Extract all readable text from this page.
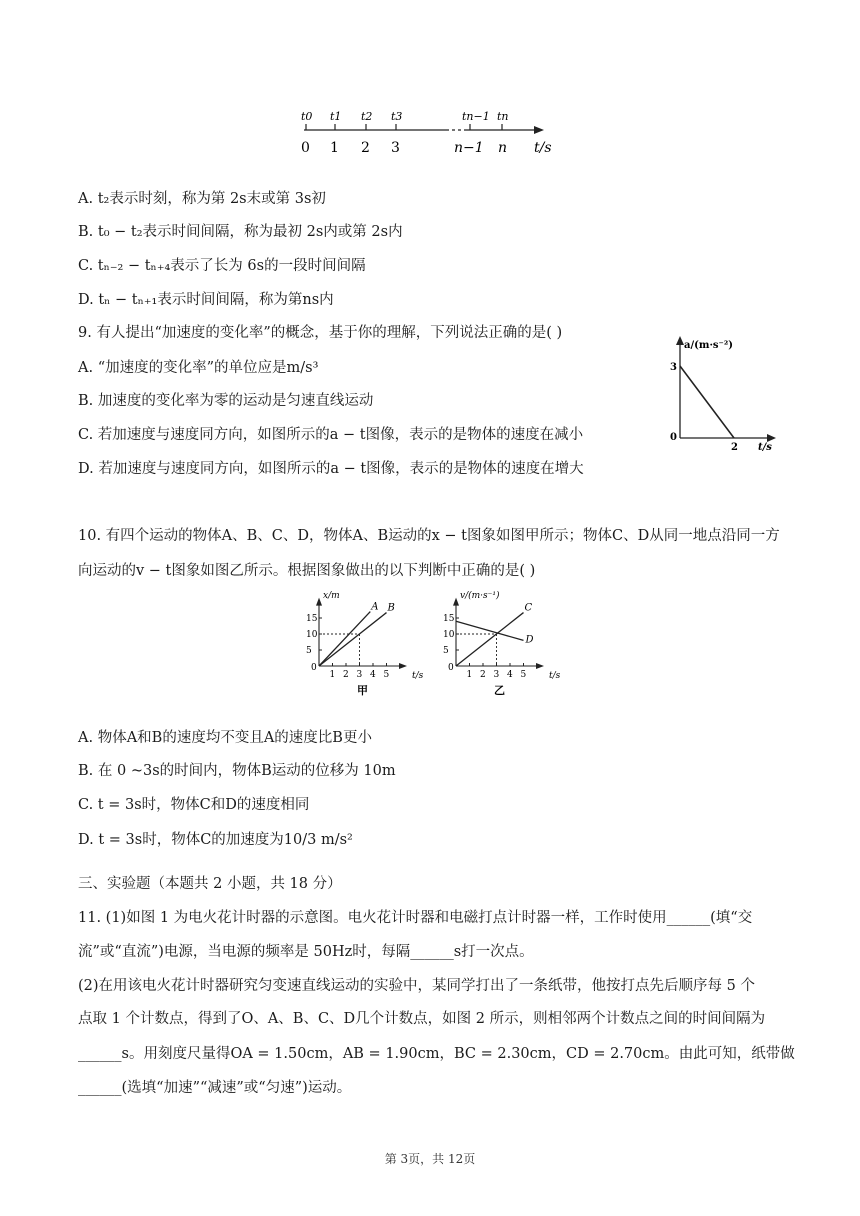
t0 t1 t2 t3	tn−1 tn
0 1 2 3	n−1 n t/s
A. t₂表示时刻，称为第 2s末或第 3s初
B. t₀ − t₂表示时间间隔，称为最初 2s内或第 2s内
C. tₙ₋₂ − tₙ₊₄表示了长为 6s的一段时间间隔
D. tₙ − tₙ₊₁表示时间间隔，称为第ns内
9. 有人提出“加速度的变化率”的概念，基于你的理解，下列说法正确的是( )
A. “加速度的变化率”的单位应是m/s³
B. 加速度的变化率为零的运动是匀速直线运动
C. 若加速度与速度同方向，如图所示的a − t图像，表示的是物体的速度在减小
D. 若加速度与速度同方向，如图所示的a − t图像，表示的是物体的速度在增大
a/(m·s⁻²)
3
0
2 t/s
10. 有四个运动的物体A、B、C、D，物体A、B运动的x − t图象如图甲所示；物体C、D从同一地点沿同一方
向运动的v − t图象如图乙所示。根据图象做出的以下判断中正确的是( )
1 2 3 4 5
5
10
15
0
A B
x/m
t/s
甲
1 2 3 4 5
5
10
15
0
C
D
v/(m·s⁻¹)
t/s
乙
A. 物体A和B的速度均不变且A的速度比B更小
B. 在 0 ~3s的时间内，物体B运动的位移为 10m
C. t = 3s时，物体C和D的速度相同
D. t = 3s时，物体C的加速度为10/3 m/s²
三、实验题（本题共 2 小题，共 18 分）
11. (1)如图 1 为电火花计时器的示意图。电火花计时器和电磁打点计时器一样，工作时使用______(填“交
流”或“直流”)电源，当电源的频率是 50Hz时，每隔______s打一次点。
(2)在用该电火花计时器研究匀变速直线运动的实验中，某同学打出了一条纸带，他按打点先后顺序每 5 个
点取 1 个计数点，得到了O、A、B、C、D几个计数点，如图 2 所示，则相邻两个计数点之间的时间间隔为
______s。用刻度尺量得OA = 1.50cm，AB = 1.90cm，BC = 2.30cm，CD = 2.70cm。由此可知，纸带做
______(选填“加速”“减速”或“匀速”)运动。
第 3页，共 12页
